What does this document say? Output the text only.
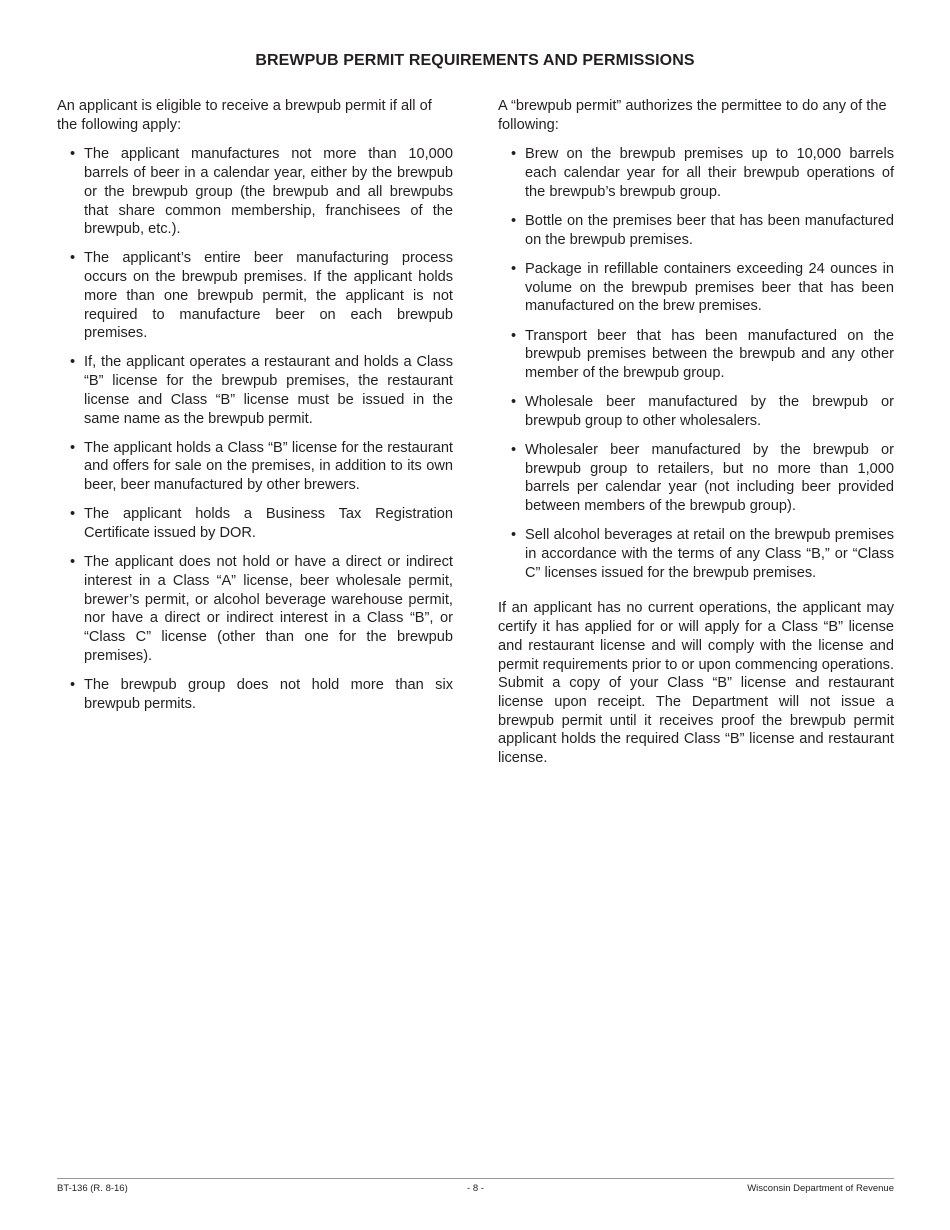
BREWPUB PERMIT REQUIREMENTS AND PERMISSIONS

An applicant is eligible to receive a brewpub permit if all of the following apply:

• The applicant manufactures not more than 10,000 barrels of beer in a calendar year, either by the brewpub or the brewpub group (the brewpub and all brewpubs that share common membership, franchisees of the brewpub, etc.).
• The applicant’s entire beer manufacturing process occurs on the brewpub premises. If the applicant holds more than one brewpub permit, the applicant is not required to manufacture beer on each brewpub premises.
• If, the applicant operates a restaurant and holds a Class “B” license for the brewpub premises, the restaurant license and Class “B” license must be issued in the same name as the brewpub permit.
• The applicant holds a Class “B” license for the restaurant and offers for sale on the premises, in addition to its own beer, beer manufactured by other brewers.
• The applicant holds a Business Tax Registration Certificate issued by DOR.
• The applicant does not hold or have a direct or indirect interest in a Class “A” license, beer wholesale permit, brewer’s permit, or alcohol beverage warehouse permit, nor have a direct or indirect interest in a Class “B”, or “Class C” license (other than one for the brewpub premises).
• The brewpub group does not hold more than six brewpub permits.

A “brewpub permit” authorizes the permittee to do any of the following:

• Brew on the brewpub premises up to 10,000 barrels each calendar year for all their brewpub operations of the brewpub’s brewpub group.
• Bottle on the premises beer that has been manufactured on the brewpub premises.
• Package in refillable containers exceeding 24 ounces in volume on the brewpub premises beer that has been manufactured on the brew premises.
• Transport beer that has been manufactured on the brewpub premises between the brewpub and any other member of the brewpub group.
• Wholesale beer manufactured by the brewpub or brewpub group to other wholesalers.
• Wholesaler beer manufactured by the brewpub or brewpub group to retailers, but no more than 1,000 barrels per calendar year (not including beer provided between members of the brewpub group).
• Sell alcohol beverages at retail on the brewpub premises in accordance with the terms of any Class “B,” or “Class C” licenses issued for the brewpub premises.

If an applicant has no current operations, the applicant may certify it has applied for or will apply for a Class “B” license and restaurant license and will comply with the license and permit requirements prior to or upon commencing operations. Submit a copy of your Class “B” license and restaurant license upon receipt. The Department will not issue a brewpub permit until it receives proof the brewpub permit applicant holds the required Class “B” license and restaurant license.

BT-136 (R. 8-16)	- 8 -	Wisconsin Department of Revenue
